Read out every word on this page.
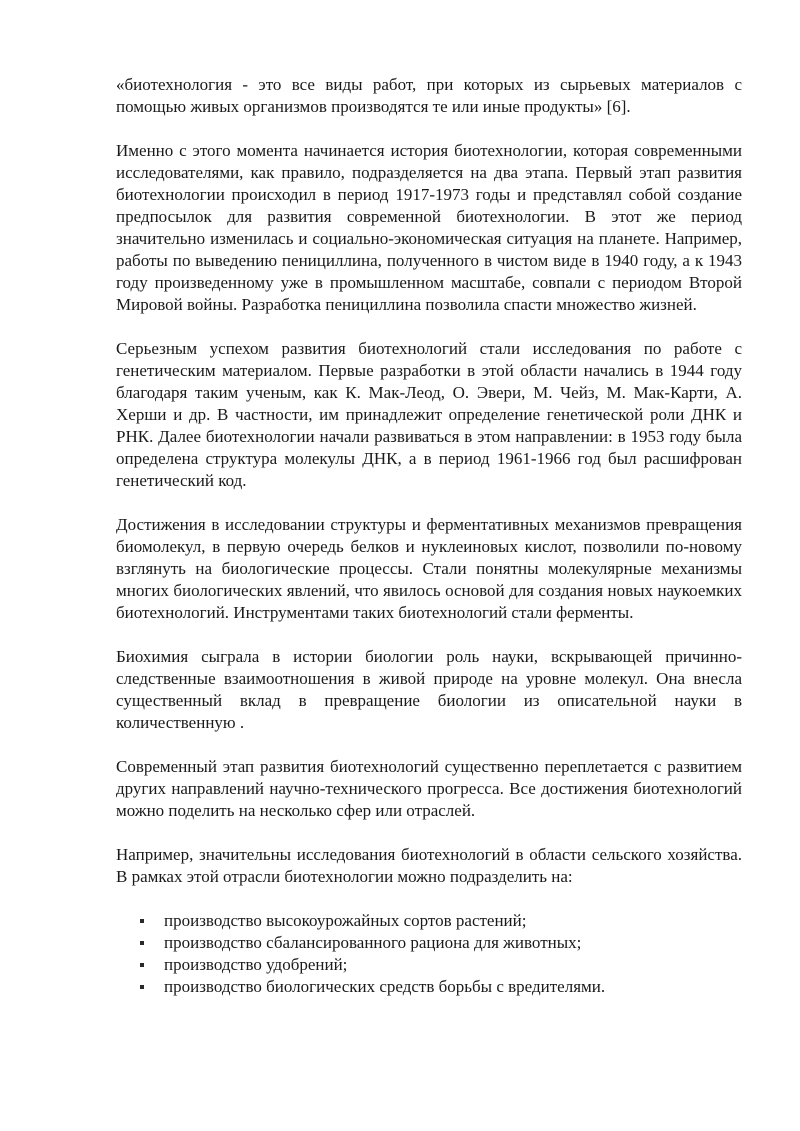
«биотехнология - это все виды работ, при которых из сырьевых материалов с помощью живых организмов производятся те или иные продукты» [6].

Именно с этого момента начинается история биотехнологии, которая современными исследователями, как правило, подразделяется на два этапа. Первый этап развития биотехнологии происходил в период 1917-1973 годы и представлял собой создание предпосылок для развития современной биотехнологии. В этот же период значительно изменилась и социально-экономическая ситуация на планете. Например, работы по выведению пенициллина, полученного в чистом виде в 1940 году, а к 1943 году произведенному уже в промышленном масштабе, совпали с периодом Второй Мировой войны. Разработка пенициллина позволила спасти множество жизней.

Серьезным успехом развития биотехнологий стали исследования по работе с генетическим материалом. Первые разработки в этой области начались в 1944 году благодаря таким ученым, как К. Мак-Леод, О. Эвери, М. Чейз, М. Мак-Карти, А. Херши и др. В частности, им принадлежит определение генетической роли ДНК и РНК. Далее биотехнологии начали развиваться в этом направлении: в 1953 году была определена структура молекулы ДНК, а в период 1961-1966 год был расшифрован генетический код.

Достижения в исследовании структуры и ферментативных механизмов превращения биомолекул, в первую очередь белков и нуклеиновых кислот, позволили по-новому взглянуть на биологические процессы. Стали понятны молекулярные механизмы многих биологических явлений, что явилось основой для создания новых наукоемких биотехнологий. Инструментами таких биотехнологий стали ферменты.

Биохимия сыграла в истории биологии роль науки, вскрывающей причинно-следственные взаимоотношения в живой природе на уровне молекул. Она внесла существенный вклад в превращение биологии из описательной науки в количественную .

Современный этап развития биотехнологий существенно переплетается с развитием других направлений научно-технического прогресса. Все достижения биотехнологий можно поделить на несколько сфер или отраслей.

Например, значительны исследования биотехнологий в области сельского хозяйства. В рамках этой отрасли биотехнологии можно подразделить на:

производство высокоурожайных сортов растений;
производство сбалансированного рациона для животных;
производство удобрений;
производство биологических средств борьбы с вредителями.
